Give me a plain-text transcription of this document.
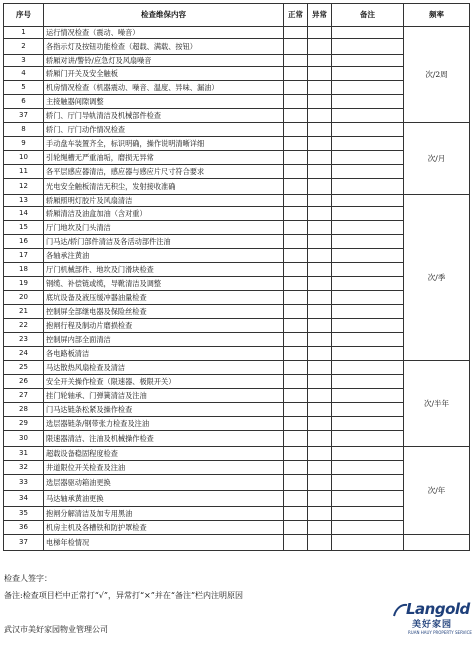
序号	检查维保内容	正常	异常	备注	频率
1	运行情况检查（震动、噪音）				次/2周
2	各指示灯及按钮功能检查（超载、满载、按钮）				
3	轿厢对讲/警铃/应急灯及风扇噪音				
4	轿厢门开关及安全触板				
5	机房情况检查（机器震动、噪音、温度、异味、漏油）				
6	主接触器间隙调整				
37	轿门、厅门导轨清洁及机械部件检查				
8	轿门、厅门动作情况检查				次/月
9	手动盘车装置齐全，标识明确，操作说明清晰详细				
10	引轮绳槽无严重油垢，磨损无异常				
11	各平层感应器清洁，感应器与感应片尺寸符合要求				
12	光电安全触板清洁无积尘，发射接收准确				
13	轿厢照明灯胶片及风扇清洁				次/季
14	轿厢清洁及油盒加油（含对重）				
15	厅门地坎及门头清洁				
16	门马达/轿门部件清洁及各活动部件注油				
17	各轴承注黄油				
18	厅门机械部件、地坎及门滑块检查				
19	钢缆、补偿链或缆，导靴清洁及调整				
20	底坑设备及液压缓冲器油量检查				
21	控制屏全部继电器及保险丝检查				
22	抱闸行程及制动片磨损检查				
23	控制屏内部全面清洁				
24	各电路板清洁				
25	马达散热风扇检查及清洁				次/半年
26	安全开关操作检查（限速器、极限开关）				
27	挂门轮轴承、门弹簧清洁及注油				
28	门马达链条松紧及操作检查				
29	选层器链条/钢带张力检查及注油				
30	限速器清洁、注油及机械操作检查				
31	超载设备稳固程度检查				次/年
32	井道限位开关检查及注油				
33	选层器驱动箱油更换				
34	马达轴承黄油更换				
35	抱闸分解清洁及加专用黑油				
36	机房主机及各槽铁和防护罩检查				
37	电梯年检情况				
检查人签字：
备注:检查项目栏中正常打“√”，异常打“×”并在“备注”栏内注明原因
武汉市美好家园物业管理公司
Langold
美好家园
RUAN HAUY PROPERTY SERVICE
